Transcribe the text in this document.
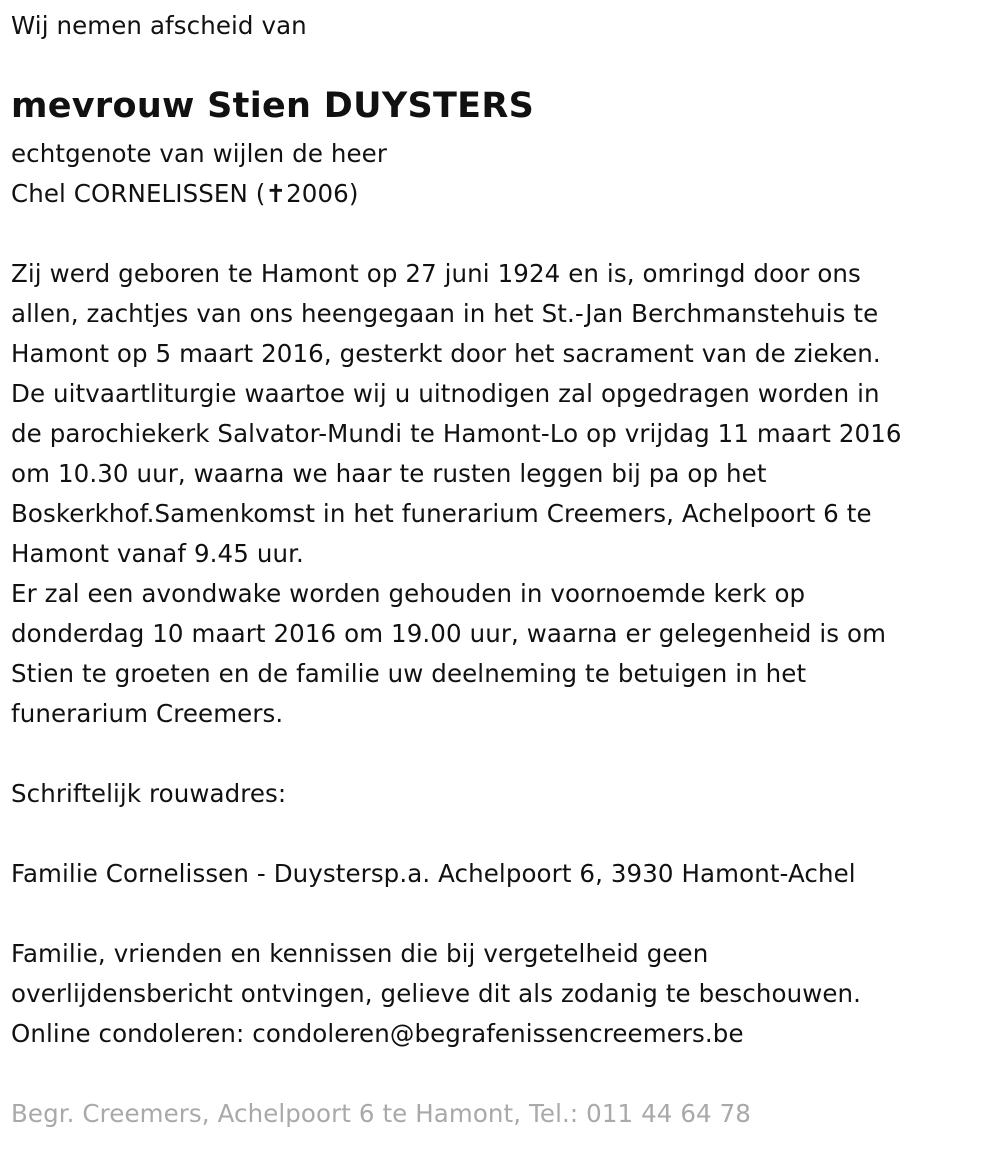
Wij nemen afscheid van
mevrouw Stien DUYSTERS
echtgenote van wijlen de heer
Chel CORNELISSEN (✝2006)
Zij werd geboren te Hamont op 27 juni 1924 en is, omringd door ons
allen, zachtjes van ons heengegaan in het St.-Jan Berchmanstehuis te
Hamont op 5 maart 2016, gesterkt door het sacrament van de zieken.
De uitvaartliturgie waartoe wij u uitnodigen zal opgedragen worden in
de parochiekerk Salvator-Mundi te Hamont-Lo op vrijdag 11 maart 2016
om 10.30 uur, waarna we haar te rusten leggen bij pa op het
Boskerkhof.Samenkomst in het funerarium Creemers, Achelpoort 6 te
Hamont vanaf 9.45 uur.
Er zal een avondwake worden gehouden in voornoemde kerk op
donderdag 10 maart 2016 om 19.00 uur, waarna er gelegenheid is om
Stien te groeten en de familie uw deelneming te betuigen in het
funerarium Creemers.
Schriftelijk rouwadres:
Familie Cornelissen - Duystersp.a. Achelpoort 6, 3930 Hamont-Achel
Familie, vrienden en kennissen die bij vergetelheid geen
overlijdensbericht ontvingen, gelieve dit als zodanig te beschouwen.
Online condoleren: condoleren@begrafenissencreemers.be
Begr. Creemers, Achelpoort 6 te Hamont, Tel.: 011 44 64 78
